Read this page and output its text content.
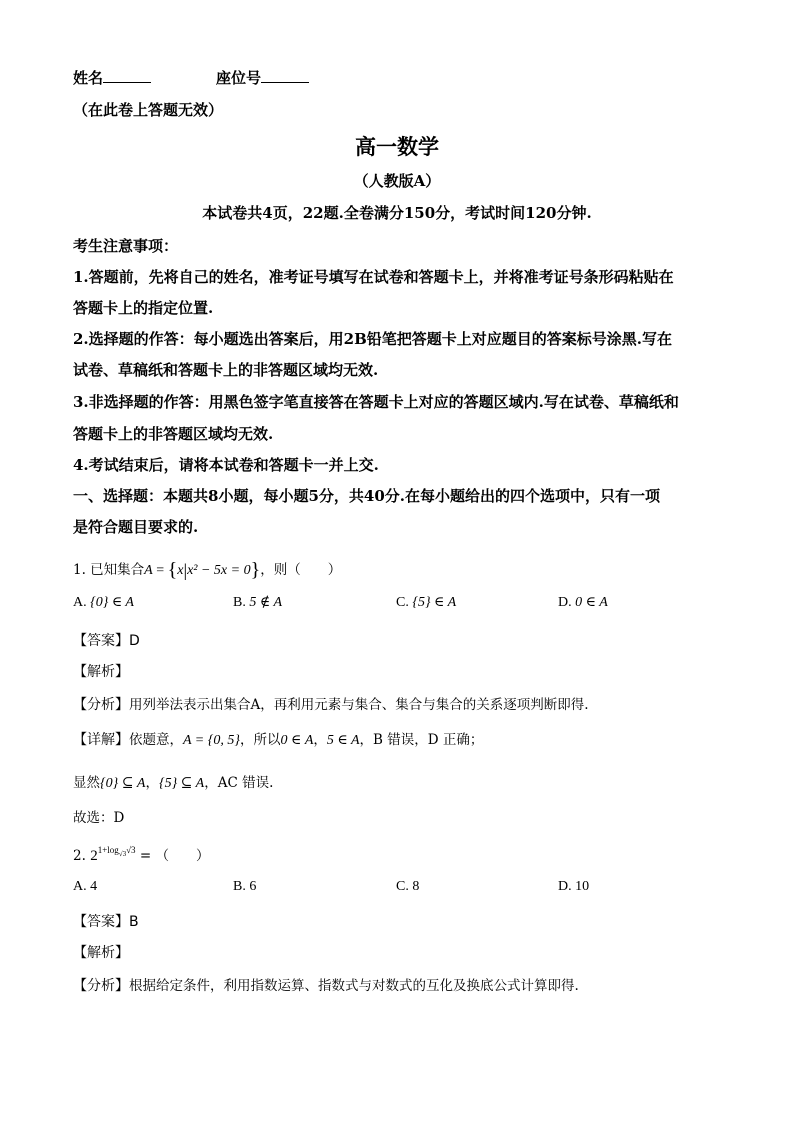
姓名	座位号
（在此卷上答题无效）
高一数学
（人教版A）
本试卷共4页，22题.全卷满分150分，考试时间120分钟.
考生注意事项：
1.答题前，先将自己的姓名，准考证号填写在试卷和答题卡上，并将准考证号条形码粘贴在
答题卡上的指定位置.
2.选择题的作答：每小题选出答案后，用2B铅笔把答题卡上对应题目的答案标号涂黑.写在
试卷、草稿纸和答题卡上的非答题区域均无效.
3.非选择题的作答：用黑色签字笔直接答在答题卡上对应的答题区域内.写在试卷、草稿纸和
答题卡上的非答题区域均无效.
4.考试结束后，请将本试卷和答题卡一并上交.
一、选择题：本题共8小题，每小题5分，共40分.在每小题给出的四个选项中，只有一项
是符合题目要求的.
1. 已知集合A = {x|x² − 5x = 0}，则（　　）
A. {0} ∈ A	B. 5 ∉ A	C. {5} ∈ A	D. 0 ∈ A
【答案】D
【解析】
【分析】用列举法表示出集合A，再利用元素与集合、集合与集合的关系逐项判断即得.
【详解】依题意，A = {0, 5}，所以0 ∈ A，5 ∈ A，B 错误，D 正确；
显然{0} ⊆ A，{5} ⊆ A，AC 错误.
故选：D
2. $2^{1+log_{√3}√3}$ = （　　）
A. 4	B. 6	C. 8	D. 10
【答案】B
【解析】
【分析】根据给定条件，利用指数运算、指数式与对数式的互化及换底公式计算即得.
